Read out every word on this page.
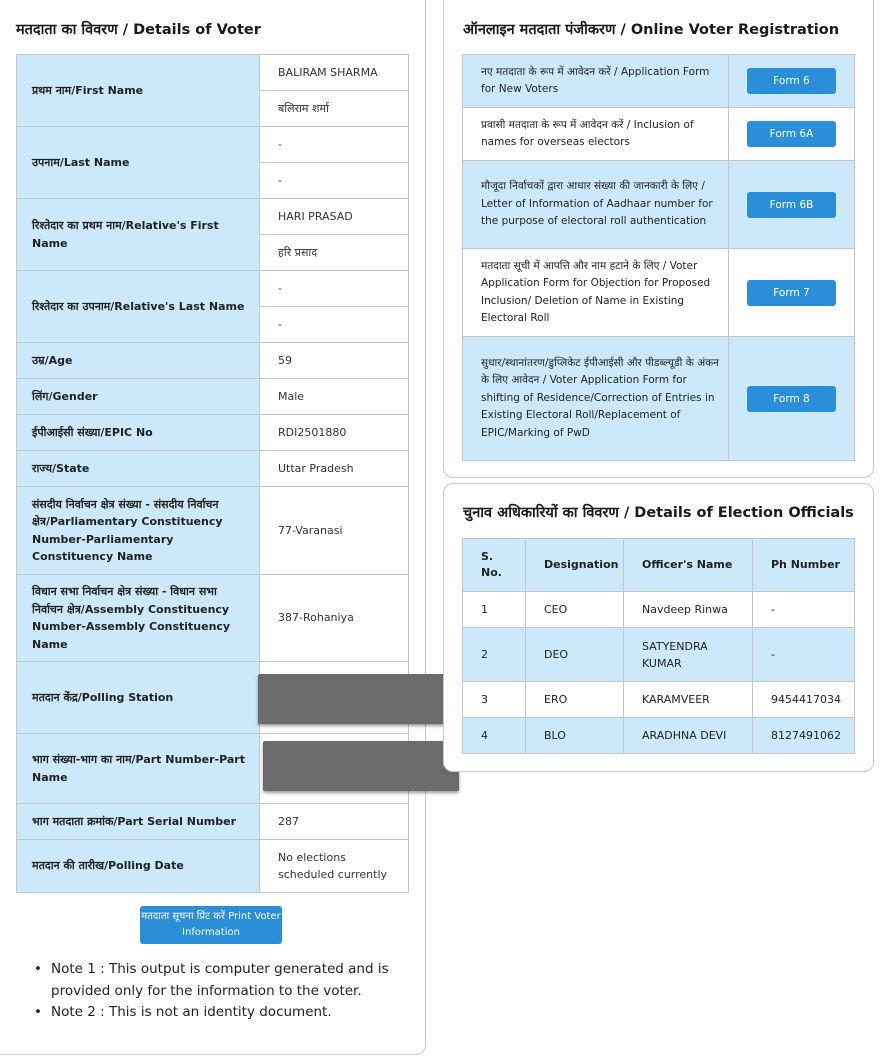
मतदाता का विवरण / Details of Voter
प्रथम नाम/First Name	BALIRAM SHARMA
	बलिराम शर्मा
उपनाम/Last Name	-
	-
रिश्तेदार का प्रथम नाम/Relative's First Name	HARI PRASAD
	हरि प्रसाद
रिश्तेदार का उपनाम/Relative's Last Name	-
	-
उम्र/Age	59
लिंग/Gender	Male
ईपीआईसी संख्या/EPIC No	RDI2501880
राज्य/State	Uttar Pradesh
संसदीय निर्वाचन क्षेत्र संख्या - संसदीय निर्वाचन क्षेत्र/Parliamentary Constituency Number-Parliamentary Constituency Name	77-Varanasi
विधान सभा निर्वाचन क्षेत्र संख्या - विधान सभा निर्वाचन क्षेत्र/Assembly Constituency Number-Assembly Constituency Name	387-Rohaniya
मतदान केंद्र/Polling Station	
भाग संख्या-भाग का नाम/Part Number-Part Name	
भाग मतदाता क्रमांक/Part Serial Number	287
मतदान की तारीख/Polling Date	No elections scheduled currently
मतदाता सूचना प्रिंट करें Print Voter Information
• Note 1 : This output is computer generated and is provided only for the information to the voter.
• Note 2 : This is not an identity document.
ऑनलाइन मतदाता पंजीकरण / Online Voter Registration
नए मतदाता के रूप में आवेदन करें / Application Form for New Voters	Form 6
प्रवासी मतदाता के रूप में आवेदन करें / Inclusion of names for overseas electors	Form 6A
मौजूदा निर्वाचकों द्वारा आधार संख्या की जानकारी के लिए / Letter of Information of Aadhaar number for the purpose of electoral roll authentication	Form 6B
मतदाता सूची में आपत्ति और नाम हटाने के लिए / Voter Application Form for Objection for Proposed Inclusion/ Deletion of Name in Existing Electoral Roll	Form 7
सुधार/स्थानांतरण/डुप्लिकेट ईपीआईसी और पीडब्ल्यूडी के अंकन के लिए आवेदन / Voter Application Form for shifting of Residence/Correction of Entries in Existing Electoral Roll/Replacement of EPIC/Marking of PwD	Form 8
चुनाव अधिकारियों का विवरण / Details of Election Officials
S. No.	Designation	Officer's Name	Ph Number
1	CEO	Navdeep Rinwa	-
2	DEO	SATYENDRA KUMAR	-
3	ERO	KARAMVEER	9454417034
4	BLO	ARADHNA DEVI	8127491062
